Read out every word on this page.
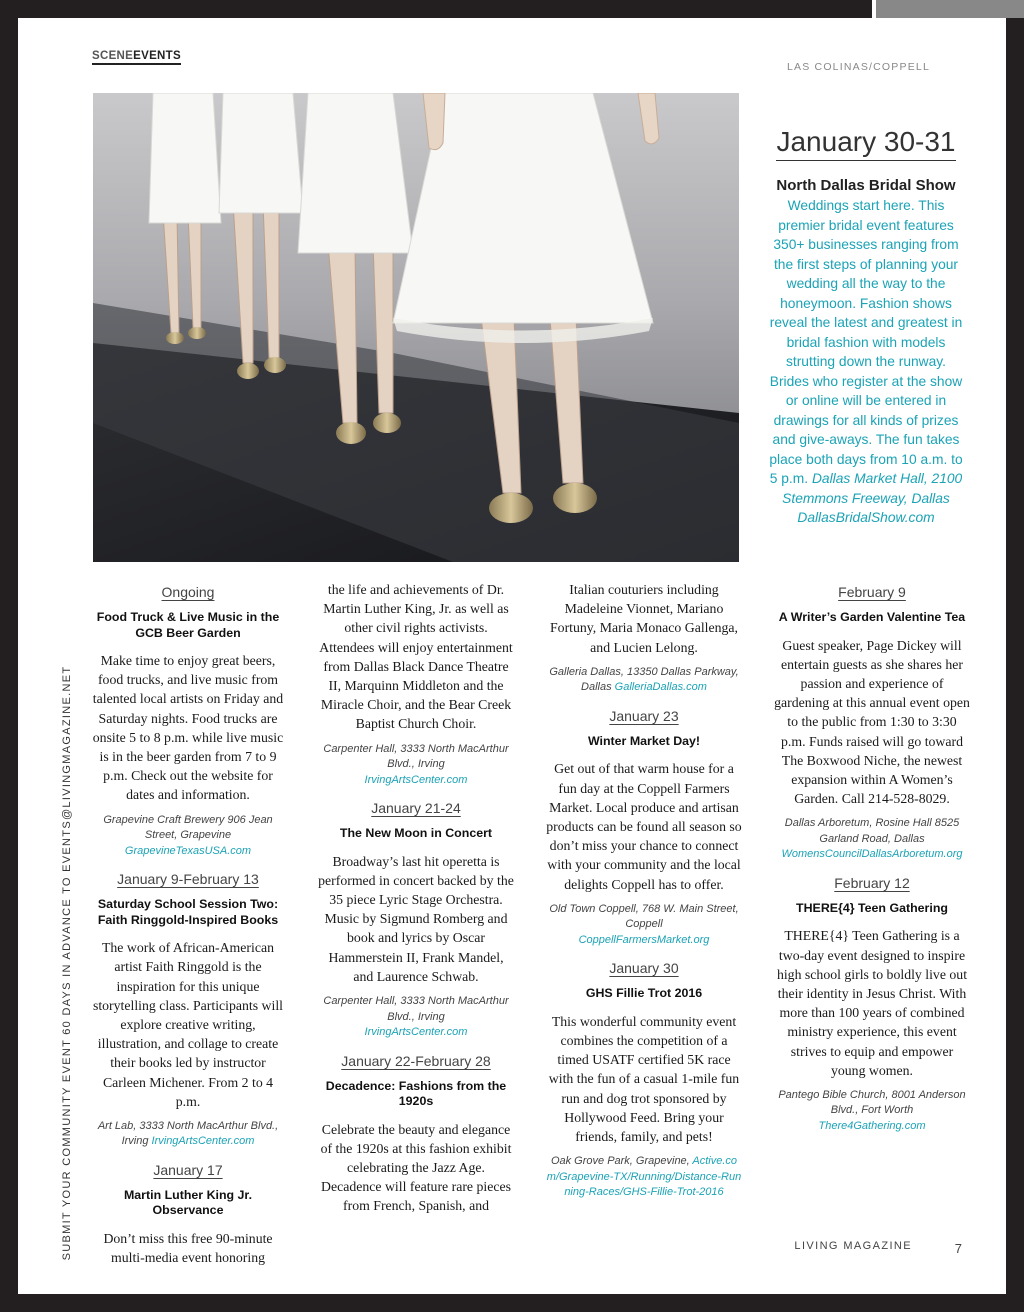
SCENEEVENTS
LAS COLINAS/COPPELL
January 30-31
North Dallas Bridal Show
Weddings start here. This premier bridal event features 350+ businesses ranging from the first steps of planning your wedding all the way to the honeymoon. Fashion shows reveal the latest and greatest in bridal fashion with models strutting down the runway. Brides who register at the show or online will be entered in drawings for all kinds of prizes and give-aways. The fun takes place both days from 10 a.m. to 5 p.m. Dallas Market Hall, 2100 Stemmons Freeway, Dallas DallasBridalShow.com
Ongoing
Food Truck & Live Music in the GCB Beer Garden
Make time to enjoy great beers, food trucks, and live music from talented local artists on Friday and Saturday nights. Food trucks are onsite 5 to 8 p.m. while live music is in the beer garden from 7 to 9 p.m. Check out the website for dates and information.
Grapevine Craft Brewery 906 Jean Street, Grapevine
GrapevineTexasUSA.com
January 9-February 13
Saturday School Session Two: Faith Ringgold-Inspired Books
The work of African-American artist Faith Ringgold is the inspiration for this unique storytelling class. Participants will explore creative writing, illustration, and collage to create their books led by instructor Carleen Michener. From 2 to 4 p.m.
Art Lab, 3333 North MacArthur Blvd., Irving IrvingArtsCenter.com
January 17
Martin Luther King Jr. Observance
Don’t miss this free 90-minute multi-media event honoring
the life and achievements of Dr. Martin Luther King, Jr. as well as other civil rights activists. Attendees will enjoy entertainment from Dallas Black Dance Theatre II, Marquinn Middleton and the Miracle Choir, and the Bear Creek Baptist Church Choir.
Carpenter Hall, 3333 North MacArthur Blvd., Irving
IrvingArtsCenter.com
January 21-24
The New Moon in Concert
Broadway’s last hit operetta is performed in concert backed by the 35 piece Lyric Stage Orchestra. Music by Sigmund Romberg and book and lyrics by Oscar Hammerstein II, Frank Mandel, and Laurence Schwab.
Carpenter Hall, 3333 North MacArthur Blvd., Irving
IrvingArtsCenter.com
January 22-February 28
Decadence: Fashions from the 1920s
Celebrate the beauty and elegance of the 1920s at this fashion exhibit celebrating the Jazz Age. Decadence will feature rare pieces from French, Spanish, and
Italian couturiers including Madeleine Vionnet, Mariano Fortuny, Maria Monaco Gallenga, and Lucien Lelong.
Galleria Dallas, 13350 Dallas Parkway, Dallas GalleriaDallas.com
January 23
Winter Market Day!
Get out of that warm house for a fun day at the Coppell Farmers Market. Local produce and artisan products can be found all season so don’t miss your chance to connect with your community and the local delights Coppell has to offer.
Old Town Coppell, 768 W. Main Street, Coppell
CoppellFarmersMarket.org
January 30
GHS Fillie Trot 2016
This wonderful community event combines the competition of a timed USATF certified 5K race with the fun of a casual 1-mile fun run and dog trot sponsored by Hollywood Feed. Bring your friends, family, and pets!
Oak Grove Park, Grapevine, Active.com/Grapevine-TX/Running/Distance-Running-Races/GHS-Fillie-Trot-2016
February 9
A Writer’s Garden Valentine Tea
Guest speaker, Page Dickey will entertain guests as she shares her passion and experience of gardening at this annual event open to the public from 1:30 to 3:30 p.m. Funds raised will go toward The Boxwood Niche, the newest expansion within A Women’s Garden. Call 214-528-8029.
Dallas Arboretum, Rosine Hall 8525 Garland Road, Dallas
WomensCouncilDallasArboretum.org
February 12
THERE{4} Teen Gathering
THERE{4} Teen Gathering is a two-day event designed to inspire high school girls to boldly live out their identity in Jesus Christ. With more than 100 years of combined ministry experience, this event strives to equip and empower young women.
Pantego Bible Church, 8001 Anderson Blvd., Fort Worth
There4Gathering.com
SUBMIT YOUR COMMUNITY EVENT 60 DAYS IN ADVANCE TO EVENTS@LIVINGMAGAZINE.NET	LIVING MAGAZINE	7
